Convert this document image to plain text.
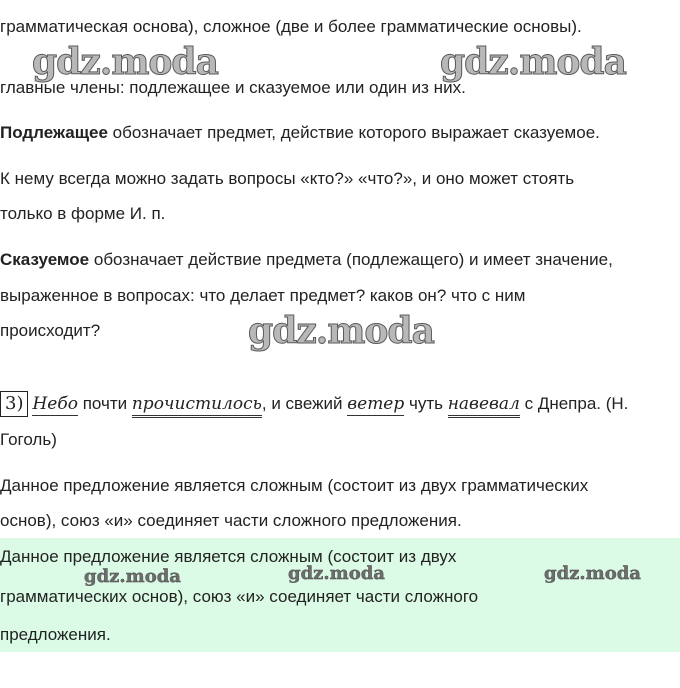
грамматическая основа), сложное (две и более грамматические основы).
gdz.moda	gdz.moda
главные члены: подлежащее и сказуемое или один из них.
Подлежащее обозначает предмет, действие которого выражает сказуемое.
К нему всегда можно задать вопросы «кто?» «что?», и оно может стоять
только в форме И. п.
Сказуемое обозначает действие предмета (подлежащего) и имеет значение,
выраженное в вопросах: что делает предмет? каков он? что с ним
происходит?	gdz.moda
3) Небо почти прочистилось, и свежий ветер чуть навевал с Днепра. (Н.
Гоголь)
Данное предложение является сложным (состоит из двух грамматических
основ), союз «и» соединяет части сложного предложения.
Данное предложение является сложным (состоит из двух
gdz.moda	gdz.moda	gdz.moda
грамматических основ), союз «и» соединяет части сложного
предложения.
